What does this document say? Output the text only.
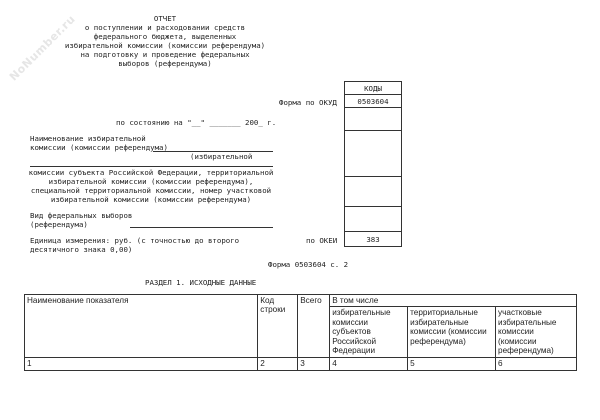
NoNumber.ru	ОТЧЕТ
о поступлении и расходовании средств
федерального бюджета, выделенных
избирательной комиссии (комиссии референдума)
на подготовку и проведение федеральных
выборов (референдума)
КОДЫ
0503604
383
Форма по ОКУД
по состоянию на "__" _______ 200_ г.
Наименование избирательной
комиссии (комиссии референдума)
(избирательной
комиссии субъекта Российской Федерации, территориальной
избирательной комиссии (комиссии референдума),
специальной территориальной комиссии, номер участковой
избирательной комиссии (комиссии референдума)
Вид федеральных выборов
(референдума)
Единица измерения: руб. (с точностью до второго
десятичного знака 0,00)
по ОКЕИ
Форма 0503604 с. 2
РАЗДЕЛ 1. ИСХОДНЫЕ ДАННЫЕ
Наименование показателя	Код строки	Всего	В том числе		
			избирательные комиссии субъектов Российской Федерации	территориальные избирательные комиссии (комиссии референдума)	участковые избирательные комиссии (комиссии референдума)
1	2	3	4	5	6
